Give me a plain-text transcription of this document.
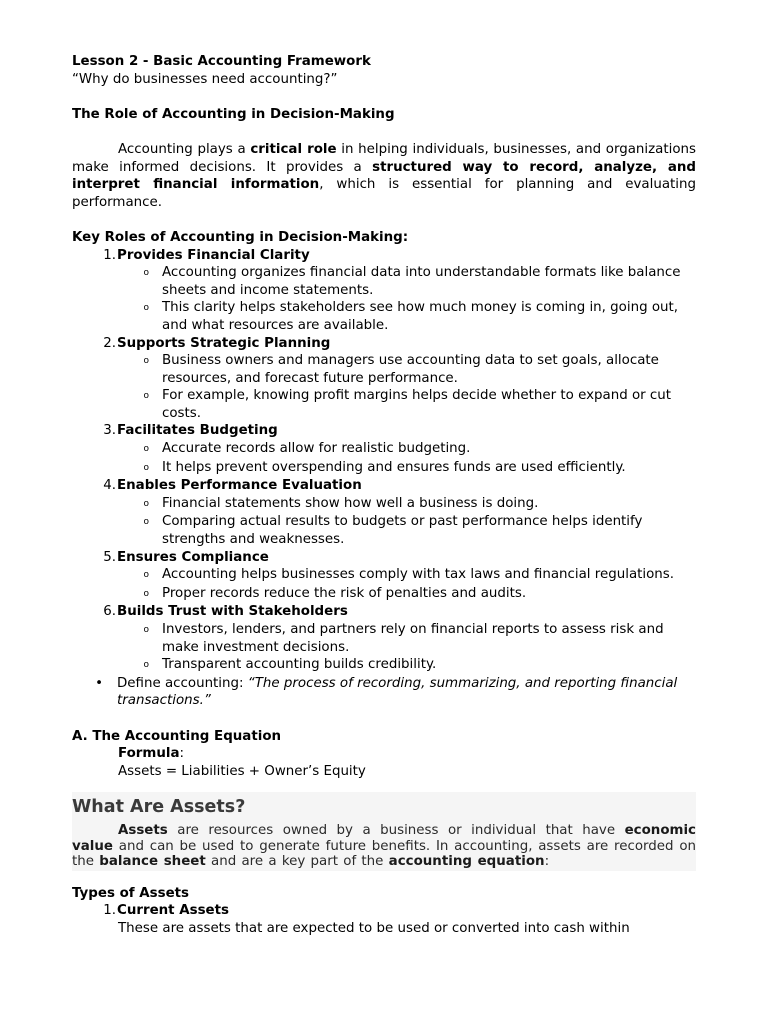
Lesson 2 - Basic Accounting Framework
“Why do businesses need accounting?”
The Role of Accounting in Decision-Making

Accounting plays a critical role in helping individuals, businesses, and organizations make informed decisions. It provides a structured way to record, analyze, and interpret financial information, which is essential for planning and evaluating performance.

Key Roles of Accounting in Decision-Making:
1. Provides Financial Clarity
o Accounting organizes financial data into understandable formats like balance sheets and income statements.
o This clarity helps stakeholders see how much money is coming in, going out, and what resources are available.
2. Supports Strategic Planning
o Business owners and managers use accounting data to set goals, allocate resources, and forecast future performance.
o For example, knowing profit margins helps decide whether to expand or cut costs.
3. Facilitates Budgeting
o Accurate records allow for realistic budgeting.
o It helps prevent overspending and ensures funds are used efficiently.
4. Enables Performance Evaluation
o Financial statements show how well a business is doing.
o Comparing actual results to budgets or past performance helps identify strengths and weaknesses.
5. Ensures Compliance
o Accounting helps businesses comply with tax laws and financial regulations.
o Proper records reduce the risk of penalties and audits.
6. Builds Trust with Stakeholders
o Investors, lenders, and partners rely on financial reports to assess risk and make investment decisions.
o Transparent accounting builds credibility.
•	Define accounting: “The process of recording, summarizing, and reporting financial transactions.”
A. The Accounting Equation
Formula:
Assets = Liabilities + Owner’s Equity
What Are Assets?

Assets are resources owned by a business or individual that have economic value and can be used to generate future benefits. In accounting, assets are recorded on the balance sheet and are a key part of the accounting equation:

Types of Assets
1. Current Assets
These are assets that are expected to be used or converted into cash within
